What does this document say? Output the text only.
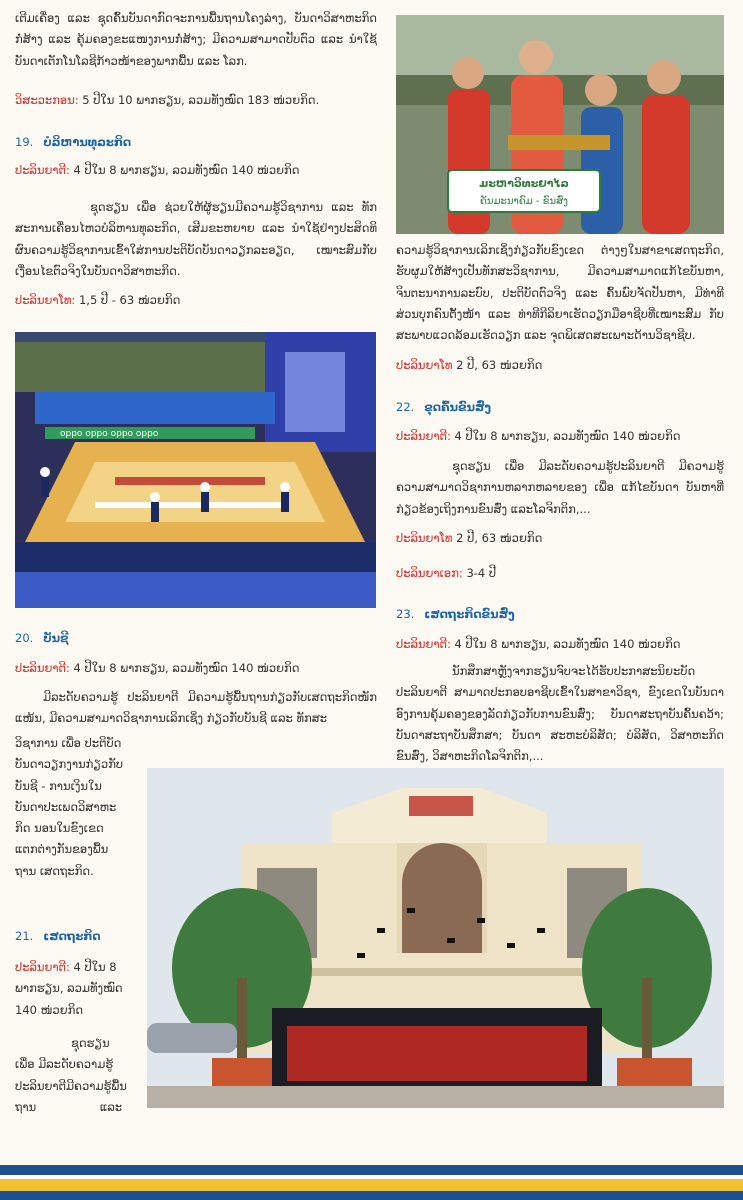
ເຕີມເຄື່ອງ ແລະ ຊຸດຄົ້ນບັນດາກົດຈະການພື້ນຖານໂຄງລ່າງ, ບັນດາວິສາຫະກິດກໍ່ສ້າງ ແລະ ຄຸ້ມຄອງຂະແໜງການກໍ່ສ້າງ; ມີຄວາມສາມາດປັບຕົວ ແລະ ນຳໃຊ້ບັນດາເຕັກໂນໂລຊີກ້າວໜ້າຂອງພາກພື້ນ ແລະ ໂລກ.

ວິສະວະກອນ: 5 ປີໃນ 10 ພາກຮຽນ, ລວມທັງໝົດ 183 ໜ່ວຍກິດ.

19. ບໍລິຫານທຸລະກິດ

ປະລິນຍາຕີ: 4 ປີໃນ 8 ພາກຮຽນ, ລວມທັງໝົດ 140 ໜ່ວຍກິດ

ຊຸດຮຽນ ເພື່ອ ຊ່ວຍໃຫ້ຜູ້ຮຽນມີຄວາມຮູ້ວິຊາການ ແລະ ທັກສະການເຄື່ອນໄຫວບໍລິຫານທຸລະກິດ, ເສີມຂະຫຍາຍ ແລະ ນຳໃຊ້ຢ່າງປະສິດທິຜົນຄວາມຮູ້ວິຊາການເຂົ້າໃສ່ການປະຕິບັດບັນດາວຽກລະອຽດ, ເໝາະສົມກັບເງື່ອນໄຂຕົວຈິງໃນບັນດາວິສາຫະກິດ.

ປະລິນຍາໂທ: 1,5 ປີ - 63 ໜ່ວຍກິດ

oppo oppo oppo oppo
20. ບັນຊີ

ປະລິນຍາຕີ: 4 ປີໃນ 8 ພາກຮຽນ, ລວມທັງໝົດ 140 ໜ່ວຍກິດ

ມີລະດັບຄວາມຮູ້ ປະລິນຍາຕີ ມີຄວາມຮູ້ພື້ນຖານກ່ຽວກັບເສດຖະກິດໜັກແໜ້ນ, ມີຄວາມສາມາດວິຊາການເລິກເຊິ່ງ ກ່ຽວກັບບັນຊີ ແລະ ທັກສະ

ວິຊາການ ເພື່ອ ປະຕິບັດ
ບັນດາວຽກງານກ່ຽວກັບ
ບັນຊີ - ການເງິນໃນ
ບັນດາປະເພດວິສາຫະ
ກິດ ນອນໃນຂົງເຂດ
ແຕກຕ່າງກັນຂອງພື້ນ
ຖານ ເສດຖະກິດ.
21. ເສດຖະກິດ
ປະລິນຍາຕີ: 4 ປີໃນ 8
ພາກຮຽນ, ລວມທັງໝົດ
140 ໜ່ວຍກິດ
ຊຸດຮຽນ
ເພື່ອ ມີລະດັບຄວາມຮູ້
ປະລິນຍາຕີມີຄວາມຮູ້ພື້ນ
ຖານ ແລະ
ມະຫາວິທະຍາໄລ
ຄັນມະນາຄົມ - ຂົນສົ່ງ

ຄວາມຮູ້ວິຊາການເລິກເຊິ່ງກ່ຽວກັບຂົງເຂດ ຕ່າງໆໃນສາຂາເສດຖະກິດ, ຮັບຜູມໃຫ້ສ້າງເປັນທັກສະວິຊາການ, ມີຄວາມສາມາດແກ້ໄຂບັນຫາ, ຈິນຕະນາການລະບົບ, ປະຕິບັດຕົວຈິງ ແລະ ຄົ້ນພົບຈັດປັນຫາ, ມີທ່າທີສ່ວນບຸກຄົນຕັ້ງໜ້າ ແລະ ທ່າທີກີລິຍາເຮັດວຽກມືອາຊີບທີ່ເໝາະສົມ ກັບ ສະພາບແວດລ້ອມເຮັດວຽກ ແລະ ຈຸດພິເສດສະເພາະດ້ານວິຊາຊີບ.

ປະລິນຍາໂທ 2 ປີ, 63 ໜ່ວຍກິດ

22. ຂຸດຄົ້ນຂົນສົ່ງ

ປະລິນຍາຕີ: 4 ປີໃນ 8 ພາກຮຽນ, ລວມທັງໝົດ 140 ໜ່ວຍກິດ

ຊຸດຮຽນ ເພື່ອ ມີລະດັບຄວາມຮູ້ປະລິນຍາຕີ ມີຄວາມຮູ້ ຄວາມສາມາດວິຊາການຫລາກຫລາຍຂອງ ເພື່ອ ແກ້ໄຂບັນດາ ບັນຫາທີ່ກ່ຽວຂ້ອງເຖິງການຂົນສົ່ງ ແລະໂລຈິກຕິກ,...

ປະລິນຍາໂທ 2 ປີ, 63 ໜ່ວຍກິດ

ປະລິນຍາເອກ: 3-4 ປີ

23. ເສດຖະກິດຂົນສົ່ງ

ປະລິນຍາຕີ: 4 ປີໃນ 8 ພາກຮຽນ, ລວມທັງໝົດ 140 ໜ່ວຍກິດ

ນັກສຶກສາຫຼັງຈາກຮຽນຈົບຈະໄດ້ຮັບປະກາສະນິຍະບັດປະລິນຍາຕີ ສາມາດປະກອບອາຊີບເຂົ້າໃນສາຂາວິຊາ, ຂົງເຂດໃນບັນດາອົງການຄຸ້ມຄອງຂອງລັດກ່ຽວກັບການຂົນສົ່ງ; ບັນດາສະຖາບັນຄົ້ນຄວ້າ; ບັນດາສະຖາບັນສຶກສາ; ບັນດາ ສະຫະບໍລິສັດ; ບໍລິສັດ, ວິສາຫະກິດຂົນສົ່ງ, ວິສາຫະກິດໂລຈິກຕິກ,...
